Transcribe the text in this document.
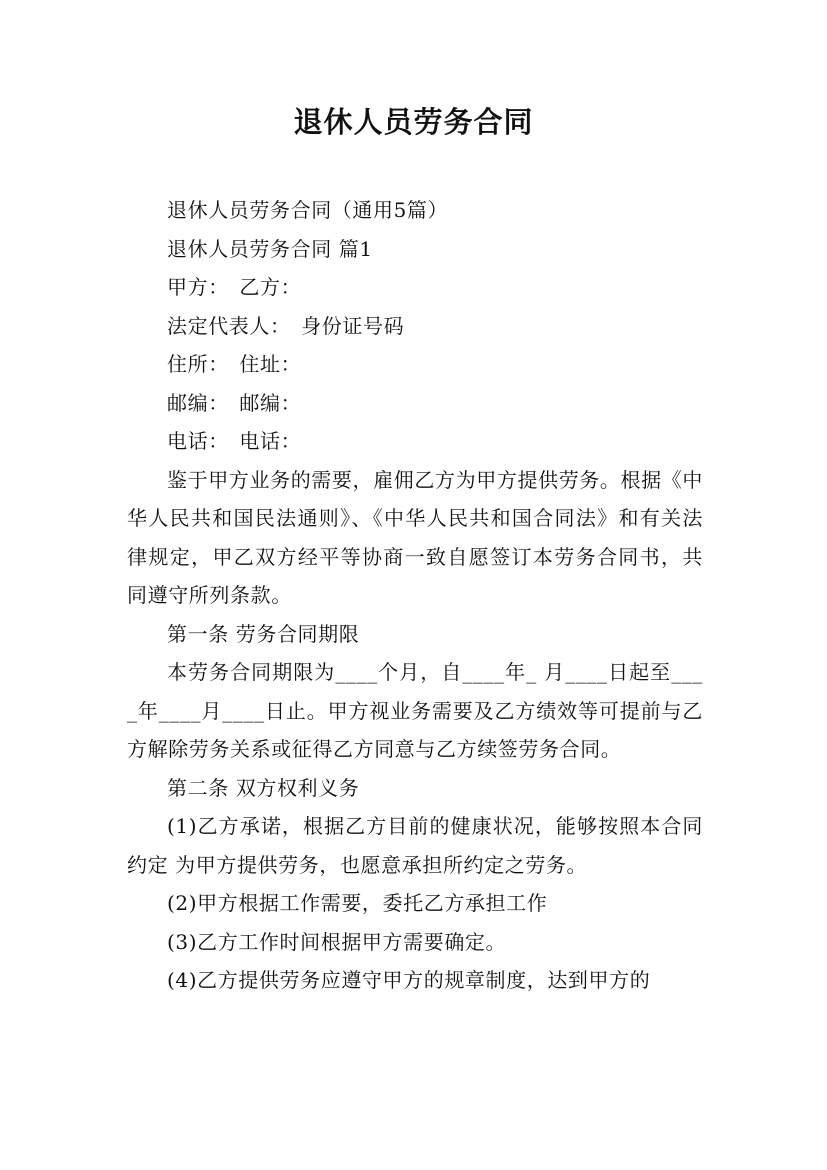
退休人员劳务合同

退休人员劳务合同（通用5篇）

退休人员劳务合同 篇1

甲方：　乙方：

法定代表人：　身份证号码

住所：　住址：

邮编：　邮编：

电话：　电话：

鉴于甲方业务的需要，雇佣乙方为甲方提供劳务。根据《中华人民共和国民法通则》、《中华人民共和国合同法》和有关法律规定，甲乙双方经平等协商一致自愿签订本劳务合同书，共同遵守所列条款。

第一条 劳务合同期限

本劳务合同期限为____个月，自____年_ 月____日起至____年____月____日止。甲方视业务需要及乙方绩效等可提前与乙方解除劳务关系或征得乙方同意与乙方续签劳务合同。

第二条 双方权利义务

(1)乙方承诺，根据乙方目前的健康状况，能够按照本合同约定 为甲方提供劳务，也愿意承担所约定之劳务。

(2)甲方根据工作需要，委托乙方承担工作

(3)乙方工作时间根据甲方需要确定。

(4)乙方提供劳务应遵守甲方的规章制度，达到甲方的
